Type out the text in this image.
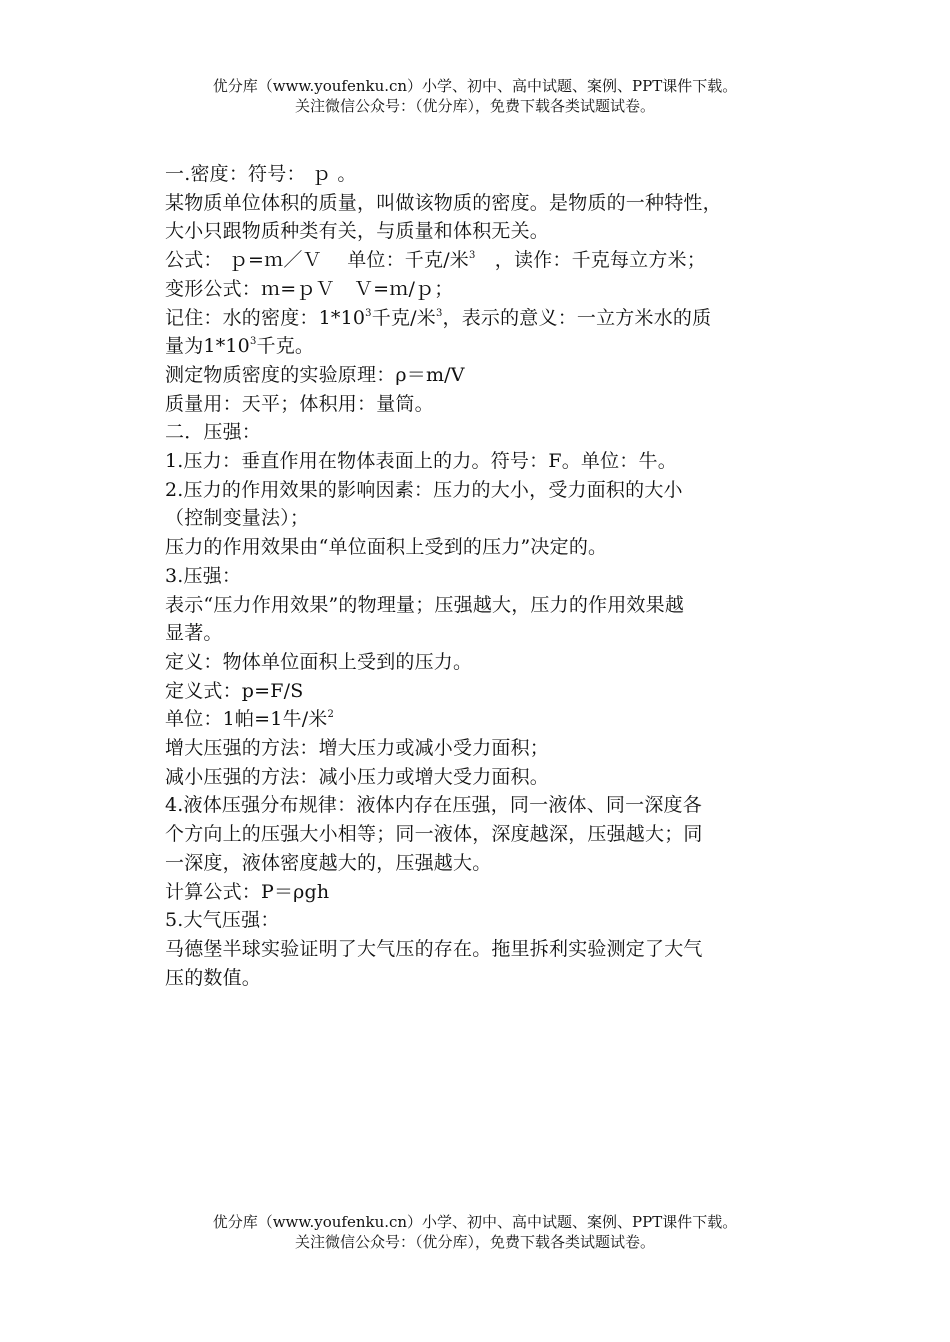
优分库（www.youfenku.cn）小学、初中、高中试题、案例、PPT课件下载。
关注微信公众号：（优分库），免费下载各类试题试卷。
一.密度：符号： ｐ 。
某物质单位体积的质量，叫做该物质的密度。是物质的一种特性，
大小只跟物质种类有关，与质量和体积无关。
公式： ｐ=ｍ／Ｖ　 单位：千克/米$^3$　，读作：千克每立方米；
变形公式：ｍ=ｐＶ　Ｖ=ｍ/ｐ；
记住：水的密度：$1*10^3$千克/米$^3$，表示的意义：一立方米水的质
量为$1*10^3$千克。
测定物质密度的实验原理：ρ＝m/V
质量用：天平；体积用：量筒。
二．压强：
1.压力：垂直作用在物体表面上的力。符号：F。单位：牛。
2.压力的作用效果的影响因素：压力的大小，受力面积的大小
（控制变量法）；
压力的作用效果由“单位面积上受到的压力”决定的。
3.压强：
表示“压力作用效果”的物理量；压强越大，压力的作用效果越
显著。
定义：物体单位面积上受到的压力。
定义式：p=F/S
单位：1帕=1牛/米$^2$
增大压强的方法：增大压力或减小受力面积；
减小压强的方法：减小压力或增大受力面积。
4.液体压强分布规律：液体内存在压强，同一液体、同一深度各
个方向上的压强大小相等；同一液体，深度越深，压强越大；同
一深度，液体密度越大的，压强越大。
计算公式：P＝ρgh
5.大气压强：
马德堡半球实验证明了大气压的存在。拖里拆利实验测定了大气
压的数值。
优分库（www.youfenku.cn）小学、初中、高中试题、案例、PPT课件下载。
关注微信公众号：（优分库），免费下载各类试题试卷。
